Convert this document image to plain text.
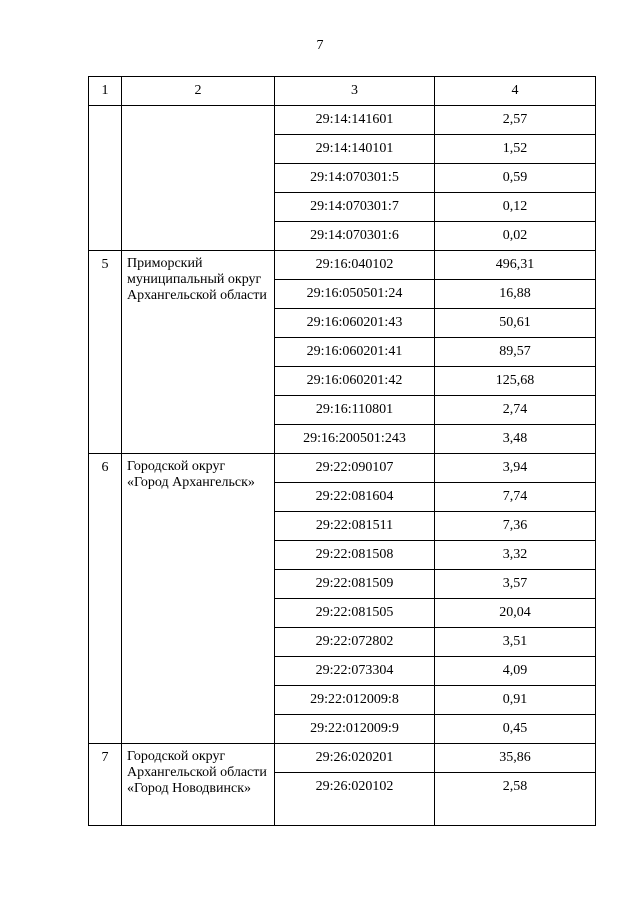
7
1	2	3	4
		29:14:141601	2,57
		29:14:140101	1,52
		29:14:070301:5	0,59
		29:14:070301:7	0,12
		29:14:070301:6	0,02
5	Приморский муниципальный округ Архангельской области	29:16:040102	496,31
		29:16:050501:24	16,88
		29:16:060201:43	50,61
		29:16:060201:41	89,57
		29:16:060201:42	125,68
		29:16:110801	2,74
		29:16:200501:243	3,48
6	Городской округ «Город Архангельск»	29:22:090107	3,94
		29:22:081604	7,74
		29:22:081511	7,36
		29:22:081508	3,32
		29:22:081509	3,57
		29:22:081505	20,04
		29:22:072802	3,51
		29:22:073304	4,09
		29:22:012009:8	0,91
		29:22:012009:9	0,45
7	Городской округ Архангельской области «Город Новодвинск»	29:26:020201	35,86
		29:26:020102	2,58
